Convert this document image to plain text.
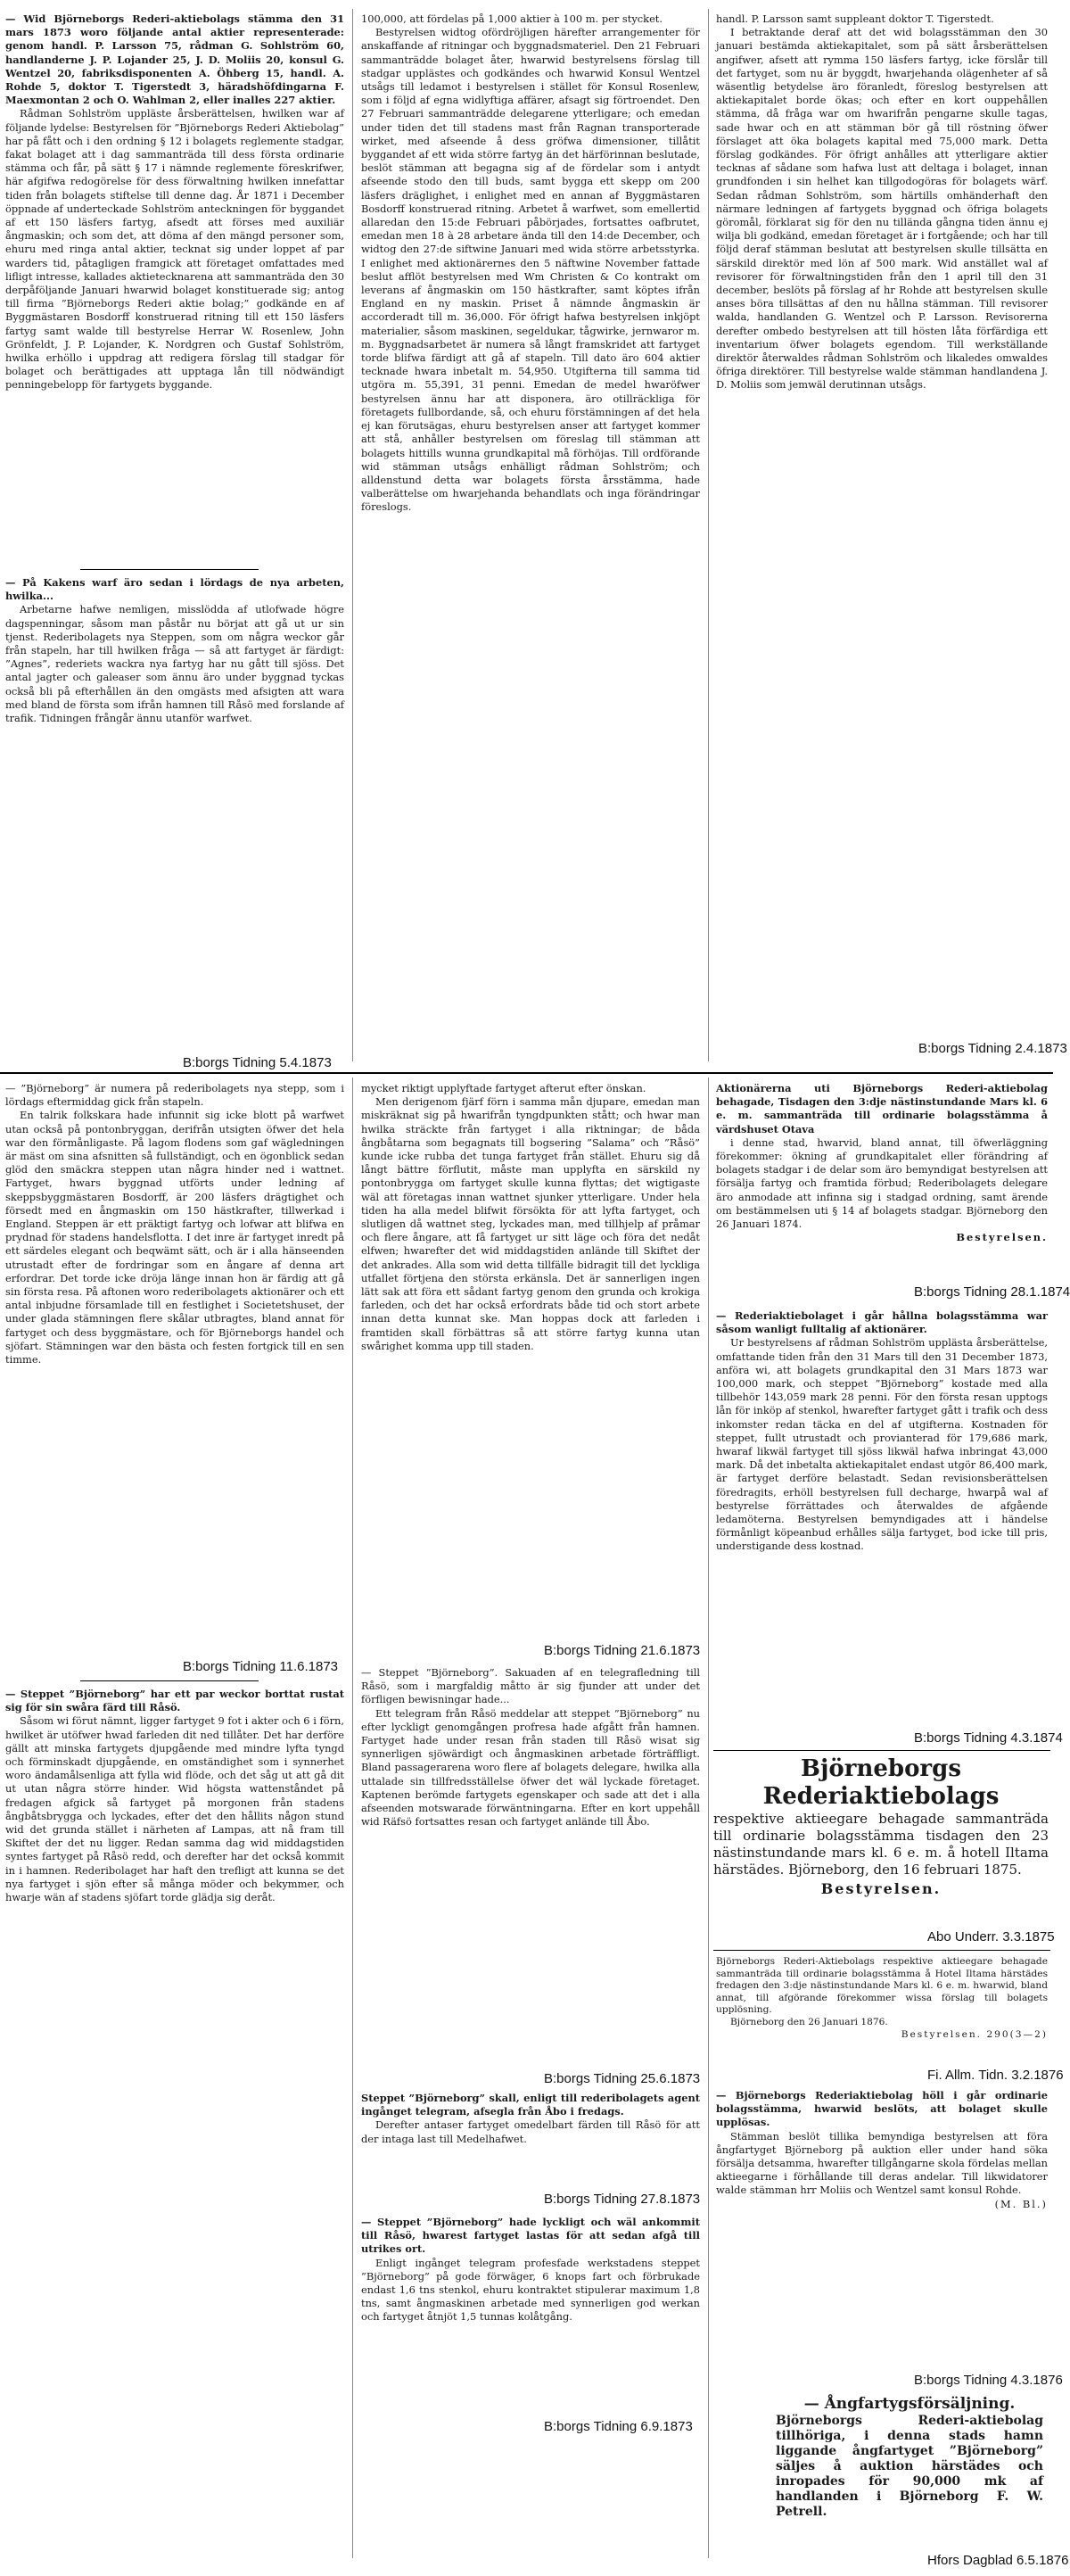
— Wid Björneborgs Rederi-aktiebolags stämma den 31 mars 1873 woro följande antal aktier representerade: genom handl. P. Larsson 75, rådman G. Sohlström 60, handlanderne J. P. Lojander 25, J. D. Moliis 20, konsul G. Wentzel 20, fabriksdisponenten A. Öhberg 15, handl. A. Rohde 5, doktor T. Tigerstedt 3, häradshöfdingarna F. Maexmontan 2 och O. Wahlman 2, eller inalles 227 aktier.

Rådman Sohlström uppläste årsberättelsen, hwilken war af följande lydelse: Bestyrelsen för ”Björneborgs Rederi Aktiebolag” har på fått och i den ordning § 12 i bolagets reglemente stadgar, fakat bolaget att i dag sammanträda till dess första ordinarie stämma och får, på sätt § 17 i nämnde reglemente föreskrifwer, här afgifwa redogörelse för dess förwaltning hwilken innefattar tiden från bolagets stiftelse till denne dag. År 1871 i December öppnade af underteckade Sohlström anteckningen för byggandet af ett 150 läsfers fartyg, afsedt att förses med auxiliär ångmaskin; och som det, att döma af den mängd personer som, ehuru med ringa antal aktier, tecknat sig under loppet af par warders tid, påtagligen framgick att företaget omfattades med lifligt intresse, kallades aktietecknarena att sammanträda den 30 derpåföljande Januari hwarwid bolaget konstituerade sig; antog till firma ”Björneborgs Rederi aktie bolag;” godkände en af Byggmästaren Bosdorff konstruerad ritning till ett 150 läsfers fartyg samt walde till bestyrelse Herrar W. Rosenlew, John Grönfeldt, J. P. Lojander, K. Nordgren och Gustaf Sohlström, hwilka erhöllo i uppdrag att redigera förslag till stadgar för bolaget och berättigades att upptaga lån till nödwändigt penningebelopp för fartygets byggande.

— På Kakens warf äro sedan i lördags de nya arbeten, hwilka...

Arbetarne hafwe nemligen, misslödda af utlofwade högre dagspenningar, såsom man påstår nu börjat att gå ut ur sin tjenst. Rederibolagets nya Steppen, som om några weckor går från stapeln, har till hwilken fråga — så att fartyget är färdigt: ”Agnes”, rederiets wackra nya fartyg har nu gått till sjöss. Det antal jagter och galeaser som ännu äro under byggnad tyckas också bli på efterhållen än den omgästs med afsigten att wara med bland de första som ifrån hamnen till Råsö med forslande af trafik. Tidningen frångår ännu utanför warfwet.

B:borgs Tidning 5.4.1873

100,000, att fördelas på 1,000 aktier à 100 m. per stycket.

Bestyrelsen widtog ofördröjligen härefter arrangementer för anskaffande af ritningar och byggnadsmateriel. Den 21 Februari sammanträdde bolaget åter, hwarwid bestyrelsens förslag till stadgar upplästes och godkändes och hwarwid Konsul Wentzel utsågs till ledamot i bestyrelsen i stället för Konsul Rosenlew, som i följd af egna widlyftiga affärer, afsagt sig förtroendet. Den 27 Februari sammanträdde delegarene ytterligare; och emedan under tiden det till stadens mast från Ragnan transporterade wirket, med afseende å dess gröfwa dimensioner, tillåtit byggandet af ett wida större fartyg än det härförinnan beslutade, beslöt stämman att begagna sig af de fördelar som i antydt afseende stodo den till buds, samt bygga ett skepp om 200 läsfers dräglighet, i enlighet med en annan af Byggmästaren Bosdorff konstruerad ritning. Arbetet å warfwet, som emellertid allaredan den 15:de Februari påbörjades, fortsattes oafbrutet, emedan men 18 à 28 arbetare ända till den 14:de December, och widtog den 27:de siftwine Januari med wida större arbetsstyrka. I enlighet med aktionärernes den 5 näftwine November fattade beslut afflöt bestyrelsen med Wm Christen & Co kontrakt om leverans af ångmaskin om 150 hästkrafter, samt köptes ifrån England en ny maskin. Priset å nämnde ångmaskin är accorderadt till m. 36,000. För öfrigt hafwa bestyrelsen inkjöpt materialier, såsom maskinen, segeldukar, tågwirke, jernwaror m. m. Byggnadsarbetet är numera så långt framskridet att fartyget torde blifwa färdigt att gå af stapeln. Till dato äro 604 aktier tecknade hwara inbetalt m. 54,950. Utgifterna till samma tid utgöra m. 55,391, 31 penni. Emedan de medel hwaröfwer bestyrelsen ännu har att disponera, äro otillräckliga för företagets fullbordande, så, och ehuru förstämningen af det hela ej kan förutsägas, ehuru bestyrelsen anser att fartyget kommer att stå, anhåller bestyrelsen om föreslag till stämman att bolagets hittills wunna grundkapital må förhöjas. Till ordförande wid stämman utsågs enhälligt rådman Sohlström; och alldenstund detta war bolagets första årsstämma, hade valberättelse om hwarjehanda behandlats och inga förändringar föreslogs.

handl. P. Larsson samt suppleant doktor T. Tigerstedt.

I betraktande deraf att det wid bolagsstämman den 30 januari bestämda aktiekapitalet, som på sätt årsberättelsen angifwer, afsett att rymma 150 läsfers fartyg, icke förslår till det fartyget, som nu är byggdt, hwarjehanda olägenheter af så wäsentlig betydelse äro föranledt, föreslog bestyrelsen att aktiekapitalet borde ökas; och efter en kort ouppehållen stämma, då fråga war om hwarifrån pengarne skulle tagas, sade hwar och en att stämman bör gå till röstning öfwer förslaget att öka bolagets kapital med 75,000 mark. Detta förslag godkändes. För öfrigt anhålles att ytterligare aktier tecknas af sådane som hafwa lust att deltaga i bolaget, innan grundfonden i sin helhet kan tillgodogöras för bolagets wärf. Sedan rådman Sohlström, som härtills omhänderhaft den närmare ledningen af fartygets byggnad och öfriga bolagets göromål, förklarat sig för den nu tillända gångna tiden ännu ej wilja bli godkänd, emedan företaget är i fortgående; och har till följd deraf stämman beslutat att bestyrelsen skulle tillsätta en särskild direktör med lön af 500 mark. Wid anstället wal af revisorer för förwaltningstiden från den 1 april till den 31 december, beslöts på förslag af hr Rohde att bestyrelsen skulle anses böra tillsättas af den nu hållna stämman. Till revisorer walda, handlanden G. Wentzel och P. Larsson. Revisorerna derefter ombedo bestyrelsen att till hösten låta förfärdiga ett inventarium öfwer bolagets egendom. Till werkställande direktör återwaldes rådman Sohlström och likaledes omwaldes öfriga direktörer. Till bestyrelse walde stämman handlandena J. D. Moliis som jemwäl derutinnan utsågs.

B:borgs Tidning 2.4.1873

— ”Björneborg” är numera på rederibolagets nya stepp, som i lördags eftermiddag gick från stapeln.

En talrik folkskara hade infunnit sig icke blott på warfwet utan också på pontonbryggan, derifrån utsigten öfwer det hela war den förmånligaste. På lagom flodens som gaf wägledningen är mäst om sina afsnitten så fullständigt, och en ögonblick sedan glöd den smäckra steppen utan några hinder ned i wattnet. Fartyget, hwars byggnad utförts under ledning af skeppsbyggmästaren Bosdorff, är 200 läsfers drägtighet och försedt med en ångmaskin om 150 hästkrafter, tillwerkad i England. Steppen är ett präktigt fartyg och lofwar att blifwa en prydnad för stadens handelsflotta. I det inre är fartyget inredt på ett särdeles elegant och beqwämt sätt, och är i alla hänseenden utrustadt efter de fordringar som en ångare af denna art erfordrar. Det torde icke dröja länge innan hon är färdig att gå sin första resa. På aftonen woro rederibolagets aktionärer och ett antal inbjudne församlade till en festlighet i Societetshuset, der under glada stämningen flere skålar utbragtes, bland annat för fartyget och dess byggmästare, och för Björneborgs handel och sjöfart. Stämningen war den bästa och festen fortgick till en sen timme.

B:borgs Tidning 11.6.1873

— Steppet ”Björneborg” har ett par weckor borttat rustat sig för sin swåra färd till Råsö.

Såsom wi förut nämnt, ligger fartyget 9 fot i akter och 6 i förn, hwilket är utöfwer hwad farleden dit ned tillåter. Det har derföre gällt att minska fartygets djupgående med mindre lyfta tyngd och förminskadt djupgående, en omständighet som i synnerhet woro ändamålsenliga att fylla wid flöde, och det såg ut att gå dit ut utan några större hinder. Wid högsta wattenståndet på fredagen afgick så fartyget på morgonen från stadens ångbåtsbrygga och lyckades, efter det den hållits någon stund wid det grunda stället i närheten af Lampas, att nå fram till Skiftet der det nu ligger. Redan samma dag wid middagstiden syntes fartyget på Råsö redd, och derefter har det också kommit in i hamnen. Rederibolaget har haft den trefligt att kunna se det nya fartyget i sjön efter så många möder och bekymmer, och hwarje wän af stadens sjöfart torde glädja sig deråt.

mycket riktigt upplyftade fartyget afterut efter önskan.

Men derigenom fjärf förn i samma mån djupare, emedan man miskräknat sig på hwarifrån tyngdpunkten stått; och hwar man hwilka sträckte från fartyget i alla riktningar; de båda ångbåtarna som begagnats till bogsering ”Salama” och ”Råsö” kunde icke rubba det tunga fartyget från stället. Ehuru sig då långt bättre förflutit, måste man upplyfta en särskild ny pontonbrygga om fartyget skulle kunna flyttas; det wigtigaste wäl att företagas innan wattnet sjunker ytterligare. Under hela tiden ha alla medel blifwit försökta för att lyfta fartyget, och slutligen då wattnet steg, lyckades man, med tillhjelp af pråmar och flere ångare, att få fartyget ur sitt läge och föra det nedåt elfwen; hwarefter det wid middagstiden anlände till Skiftet der det ankrades. Alla som wid detta tillfälle bidragit till det lyckliga utfallet förtjena den största erkänsla. Det är sannerligen ingen lätt sak att föra ett sådant fartyg genom den grunda och krokiga farleden, och det har också erfordrats både tid och stort arbete innan detta kunnat ske. Man hoppas dock att farleden i framtiden skall förbättras så att större fartyg kunna utan swårighet komma upp till staden.

B:borgs Tidning 21.6.1873

— Steppet ”Björneborg”. Sakuaden af en telegrafledning till Råsö, som i margfaldig måtto är sig fjunder att under det förfligen bewisningar hade...

Ett telegram från Råsö meddelar att steppet ”Björneborg” nu efter lyckligt genomgången profresa hade afgått från hamnen. Fartyget hade under resan från staden till Råsö wisat sig synnerligen sjöwärdigt och ångmaskinen arbetade förträffligt. Bland passagerarena woro flere af bolagets delegare, hwilka alla uttalade sin tillfredsställelse öfwer det wäl lyckade företaget. Kaptenen berömde fartygets egenskaper och sade att det i alla afseenden motswarade förwäntningarna. Efter en kort uppehåll wid Räfsö fortsattes resan och fartyget anlände till Åbo.

B:borgs Tidning 25.6.1873

Steppet ”Björneborg” skall, enligt till rederibolagets agent ingånget telegram, afsegla från Åbo i fredags.

Derefter antaser fartyget omedelbart färden till Råsö för att der intaga last till Medelhafwet.

B:borgs Tidning 27.8.1873

— Steppet ”Björneborg” hade lyckligt och wäl ankommit till Råsö, hwarest fartyget lastas för att sedan afgå till utrikes ort.

Enligt ingånget telegram profesfade werkstadens steppet ”Björneborg” på gode förwäger, 6 knops fart och förbrukade endast 1,6 tns stenkol, ehuru kontraktet stipulerar maximum 1,8 tns, samt ångmaskinen arbetade med synnerligen god werkan och fartyget åtnjöt 1,5 tunnas kolåtgång.

B:borgs Tidning 6.9.1873

Aktionärerna uti Björneborgs Rederi-aktiebolag behagade, Tisdagen den 3:dje nästinstundande Mars kl. 6 e. m. sammanträda till ordinarie bolagsstämma å värdshuset Otava

i denne stad, hwarvid, bland annat, till öfwerläggning förekommer: ökning af grundkapitalet eller förändring af bolagets stadgar i de delar som äro bemyndigat bestyrelsen att försälja fartyg och framtida förbud; Rederibolagets delegare äro anmodade att infinna sig i stadgad ordning, samt ärende om bestämmelsen uti § 14 af bolagets stadgar. Björneborg den 26 Januari 1874.

Bestyrelsen.

B:borgs Tidning 28.1.1874

— Rederiaktiebolaget i går hållna bolagsstämma war såsom wanligt fulltalig af aktionärer.

Ur bestyrelsens af rådman Sohlström upplästa årsberättelse, omfattande tiden från den 31 Mars till den 31 December 1873, anföra wi, att bolagets grundkapital den 31 Mars 1873 war 100,000 mark, och steppet ”Björneborg” kostade med alla tillbehör 143,059 mark 28 penni. För den första resan upptogs lån för inköp af stenkol, hwarefter fartyget gått i trafik och dess inkomster redan täcka en del af utgifterna. Kostnaden för steppet, fullt utrustadt och provianterad för 179,686 mark, hwaraf likwäl fartyget till sjöss likwäl hafwa inbringat 43,000 mark. Då det inbetalta aktiekapitalet endast utgör 86,400 mark, är fartyget derföre belastadt. Sedan revisionsberättelsen föredragits, erhöll bestyrelsen full decharge, hwarpå wal af bestyrelse förrättades och återwaldes de afgående ledamöterna. Bestyrelsen bemyndigades att i händelse förmånligt köpeanbud erhålles sälja fartyget, bod icke till pris, understigande dess kostnad.

B:borgs Tidning 4.3.1874
Björneborgs Rederiaktiebolags
respektive aktieegare behagade sammanträda till ordinarie bolagsstämma tisdagen den 23 nästinstundande mars kl. 6 e. m. å hotell Iltama härstädes. Björneborg, den 16 februari 1875.
Bestyrelsen.
Abo Underr. 3.3.1875

Björneborgs Rederi-Aktiebolags respektive aktieegare behagade sammanträda till ordinarie bolagsstämma å Hotel Iltama härstädes fredagen den 3:dje nästinstundande Mars kl. 6 e. m. hwarwid, bland annat, till afgörande förekommer wissa förslag till bolagets upplösning.

Björneborg den 26 Januari 1876.

Bestyrelsen. 290(3—2)

Fi. Allm. Tidn. 3.2.1876

— Björneborgs Rederiaktiebolag höll i går ordinarie bolagsstämma, hwarwid beslöts, att bolaget skulle upplösas.

Stämman beslöt tillika bemyndiga bestyrelsen att föra ångfartyget Björneborg på auktion eller under hand söka försälja detsamma, hwarefter tillgångarne skola fördelas mellan aktieegarne i förhållande till deras andelar. Till likwidatorer walde stämman hrr Moliis och Wentzel samt konsul Rohde.

(M. Bl.)

B:borgs Tidning 4.3.1876
— Ångfartygsförsäljning.
Björneborgs Rederi-aktiebolag tillhöriga, i denna stads hamn liggande ångfartyget ”Björneborg” säljes å auktion härstädes och inropades för 90,000 mk af handlanden i Björneborg F. W. Petrell.
Hfors Dagblad 6.5.1876
